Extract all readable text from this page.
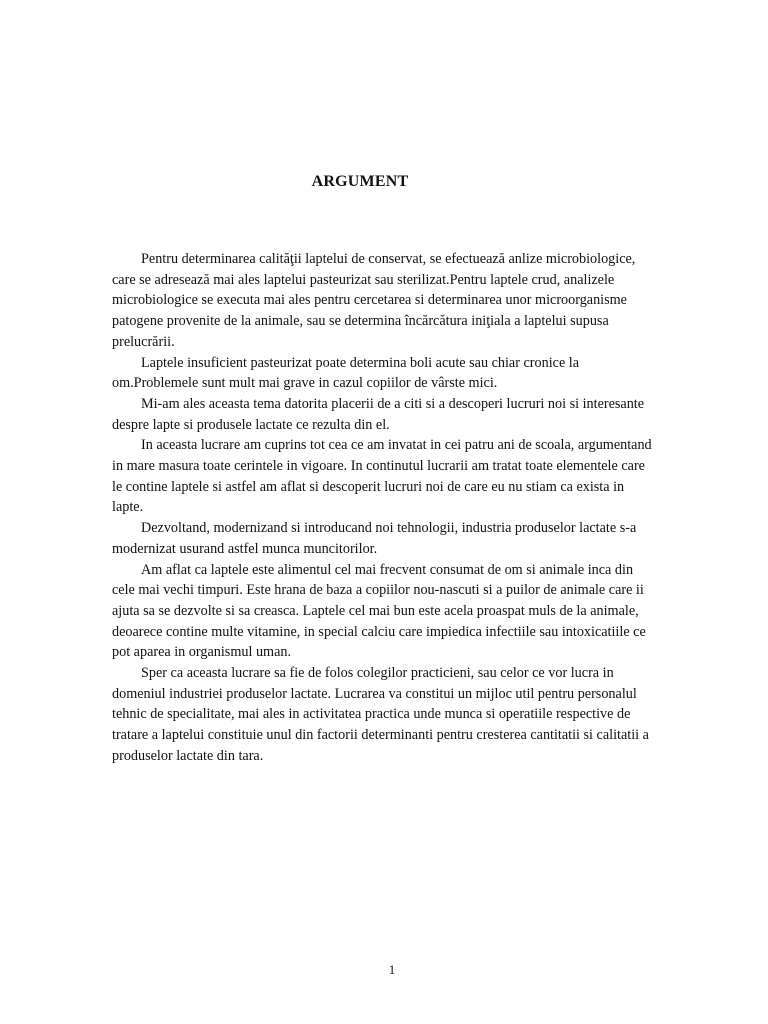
ARGUMENT

Pentru determinarea calităţii laptelui de conservat, se efectuează anlize microbiologice, care se adresează mai ales laptelui pasteurizat sau sterilizat.Pentru laptele crud, analizele microbiologice se executa mai ales pentru cercetarea si determinarea unor microorganisme patogene provenite de la animale, sau se determina încărcătura iniţiala a laptelui supusa prelucrării.

Laptele insuficient pasteurizat poate determina boli acute sau chiar cronice la om.Problemele sunt mult mai grave in cazul copiilor de vârste mici.

Mi-am ales aceasta tema datorita placerii de a citi si a descoperi lucruri noi si interesante despre lapte si produsele lactate ce rezulta din el.

In aceasta lucrare am cuprins tot cea ce am invatat in cei patru ani de scoala, argumentand in mare masura toate cerintele in vigoare. In continutul lucrarii am tratat toate elementele care le contine laptele si astfel am aflat si descoperit lucruri noi de care eu nu stiam ca exista in lapte.

Dezvoltand, modernizand si introducand noi tehnologii, industria produselor lactate s-a modernizat usurand astfel munca muncitorilor.

Am aflat ca laptele este alimentul cel mai frecvent consumat de om si animale inca din cele mai vechi timpuri. Este hrana de baza a copiilor nou-nascuti si a puilor de animale care ii ajuta sa se dezvolte si sa creasca. Laptele cel mai bun este acela proaspat muls de la animale, deoarece contine multe vitamine, in special calciu care impiedica infectiile sau intoxicatiile ce pot aparea in organismul uman.

Sper ca aceasta lucrare sa fie de folos colegilor practicieni, sau celor ce vor lucra in domeniul industriei produselor lactate. Lucrarea va constitui un mijloc util pentru personalul tehnic de specialitate, mai ales in activitatea practica unde munca si operatiile respective de tratare a laptelui constituie unul din factorii determinanti pentru cresterea cantitatii si calitatii a produselor lactate din tara.

1
